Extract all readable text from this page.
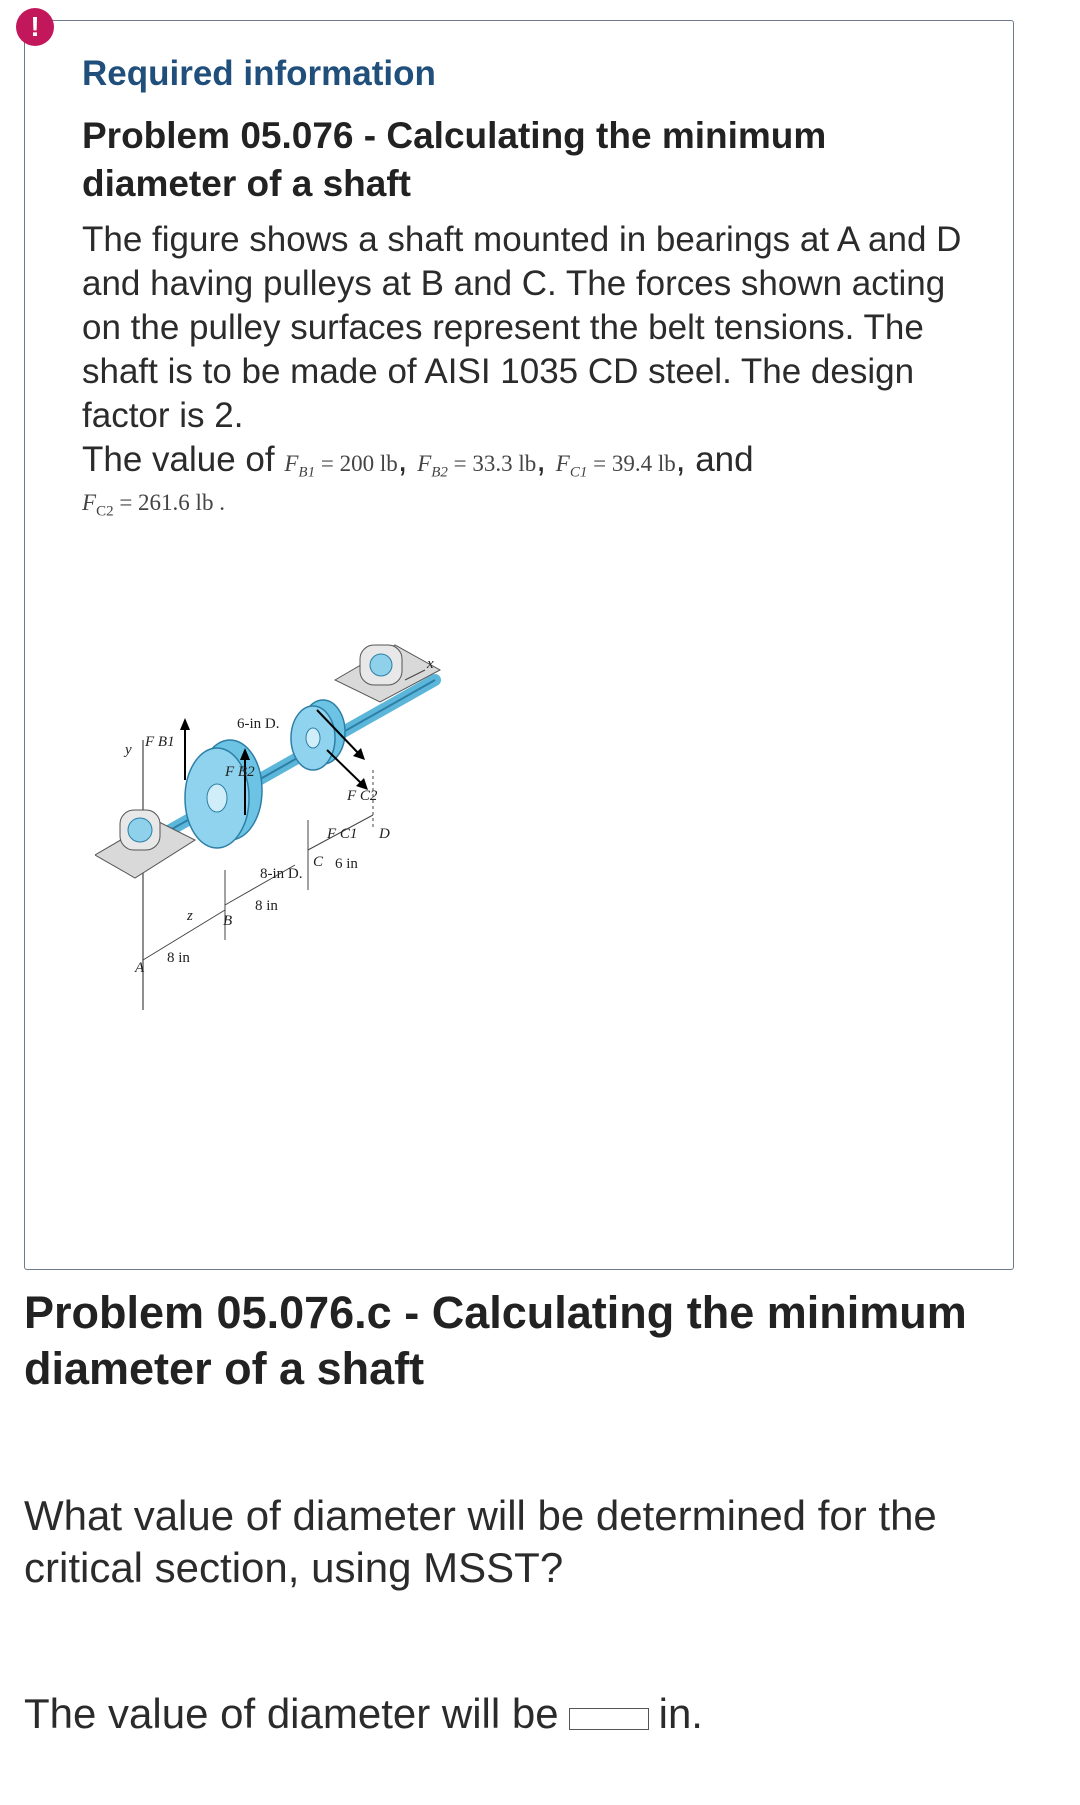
!
Required information
Problem 05.076 - Calculating the minimum diameter of a shaft

The figure shows a shaft mounted in bearings at A and D and having pulleys at B and C. The forces shown acting on the pulley surfaces represent the belt tensions. The shaft is to be made of AISI 1035 CD steel. The design factor is 2.

The value of $F_{B1} = 200$ lb, $F_{B2} = 33.3$ lb, $F_{C1} = 39.4$ lb, and
$F_{C2} = 261.6$ lb .
F B1
F B2
6-in D.
F C2
F C1 D
8-in D.
C 6 in
8 in
B
8 in
A
y
x
z
Problem 05.076.c - Calculating the minimum diameter of a shaft

What value of diameter will be determined for the critical section, using MSST?

The value of diameter will be in.
